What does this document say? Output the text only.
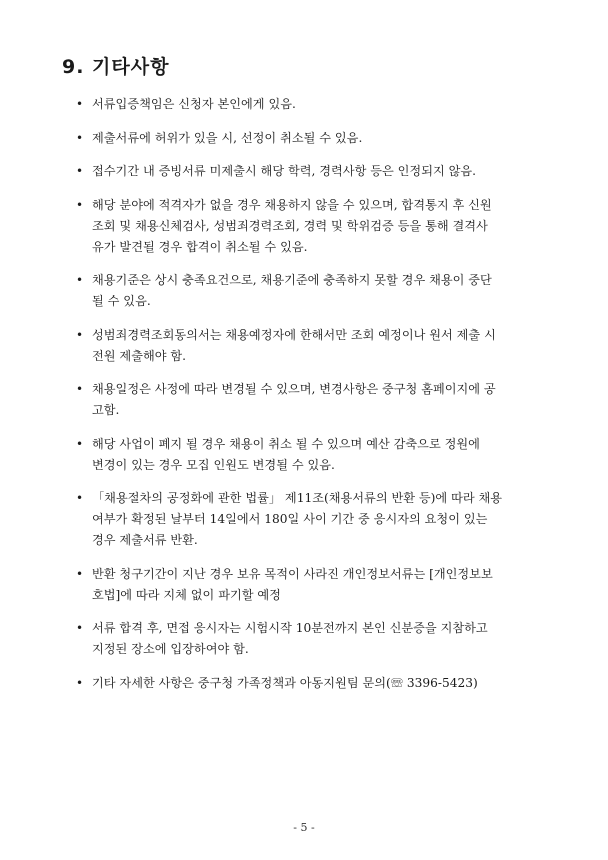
9. 기타사항
• 서류입증책임은 신청자 본인에게 있음.
• 제출서류에 허위가 있을 시, 선정이 취소될 수 있음.
• 접수기간 내 증빙서류 미제출시 해당 학력, 경력사항 등은 인정되지 않음.
• 해당 분야에 적격자가 없을 경우 채용하지 않을 수 있으며, 합격통지 후 신원
조회 및 채용신체검사, 성범죄경력조회, 경력 및 학위검증 등을 통해 결격사
유가 발견될 경우 합격이 취소될 수 있음.
• 채용기준은 상시 충족요건으로, 채용기준에 충족하지 못할 경우 채용이 중단
될 수 있음.
• 성범죄경력조회동의서는 채용예정자에 한해서만 조회 예정이나 원서 제출 시
전원 제출해야 함.
• 채용일정은 사정에 따라 변경될 수 있으며, 변경사항은 중구청 홈페이지에 공
고함.
• 해당 사업이 폐지 될 경우 채용이 취소 될 수 있으며 예산 감축으로 정원에
변경이 있는 경우 모집 인원도 변경될 수 있음.
• 「채용절차의 공정화에 관한 법률」 제11조(채용서류의 반환 등)에 따라 채용
여부가 확정된 날부터 14일에서 180일 사이 기간 중 응시자의 요청이 있는
경우 제출서류 반환.
• 반환 청구기간이 지난 경우 보유 목적이 사라진 개인정보서류는 [개인정보보
호법]에 따라 지체 없이 파기할 예정
• 서류 합격 후, 면접 응시자는 시험시작 10분전까지 본인 신분증을 지참하고
지정된 장소에 입장하여야 함.
• 기타 자세한 사항은 중구청 가족정책과 아동지원팀 문의(☏ 3396-5423)
- 5 -
